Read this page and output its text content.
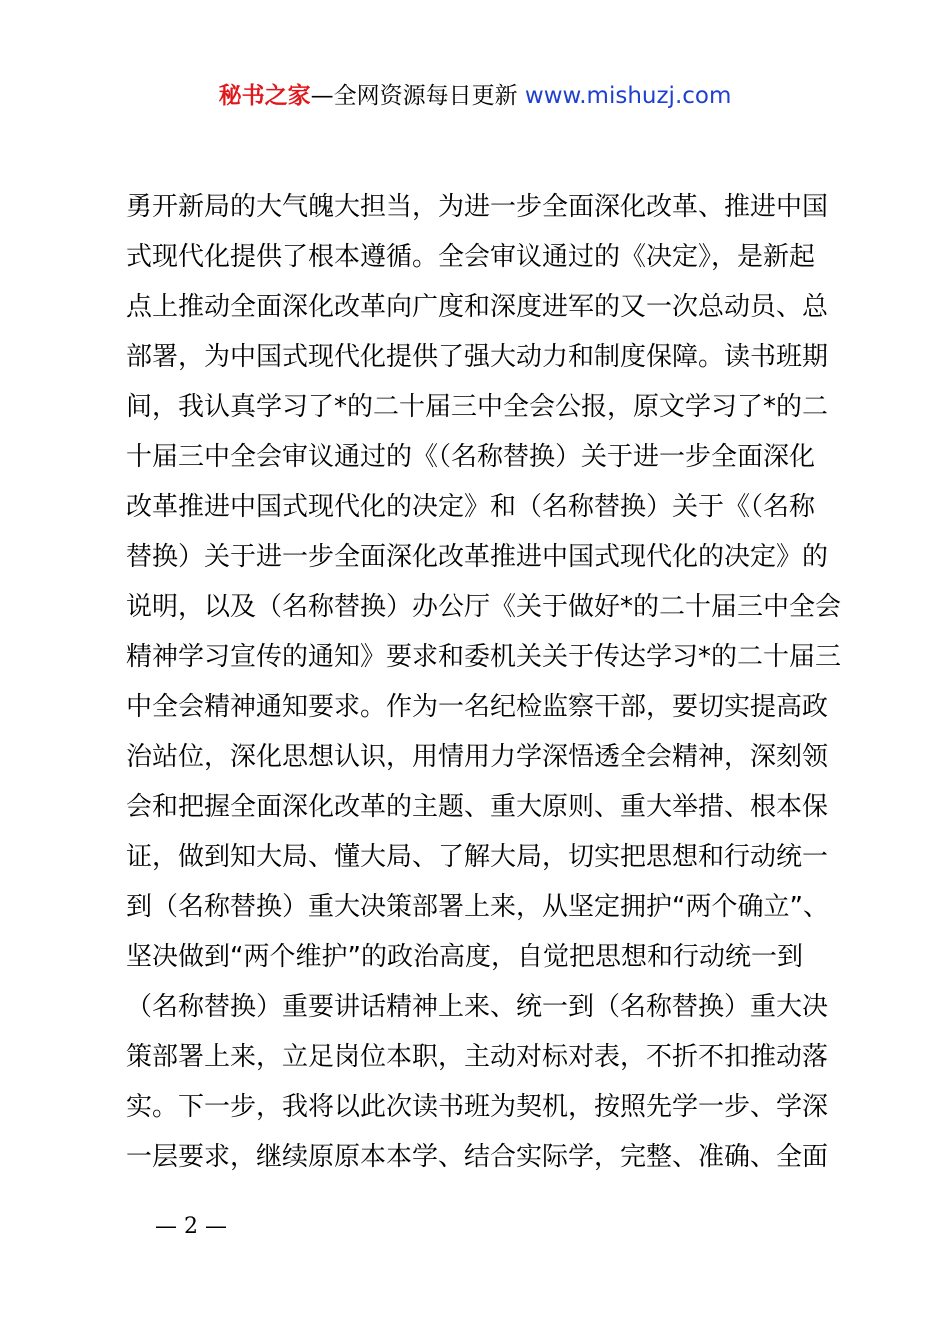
秘书之家—全网资源每日更新 www.mishuzj.com
勇开新局的大气魄大担当，为进一步全面深化改革、推进中国
式现代化提供了根本遵循。全会审议通过的《决定》，是新起
点上推动全面深化改革向广度和深度进军的又一次总动员、总
部署，为中国式现代化提供了强大动力和制度保障。读书班期
间，我认真学习了*的二十届三中全会公报，原文学习了*的二
十届三中全会审议通过的《（名称替换）关于进一步全面深化
改革推进中国式现代化的决定》和（名称替换）关于《（名称
替换）关于进一步全面深化改革推进中国式现代化的决定》的
说明，以及（名称替换）办公厅《关于做好*的二十届三中全会
精神学习宣传的通知》要求和委机关关于传达学习*的二十届三
中全会精神通知要求。作为一名纪检监察干部，要切实提高政
治站位，深化思想认识，用情用力学深悟透全会精神，深刻领
会和把握全面深化改革的主题、重大原则、重大举措、根本保
证，做到知大局、懂大局、了解大局，切实把思想和行动统一
到（名称替换）重大决策部署上来，从坚定拥护“两个确立”、
坚决做到“两个维护”的政治高度，自觉把思想和行动统一到
（名称替换）重要讲话精神上来、统一到（名称替换）重大决
策部署上来，立足岗位本职，主动对标对表，不折不扣推动落
实。下一步，我将以此次读书班为契机，按照先学一步、学深
一层要求，继续原原本本学、结合实际学，完整、准确、全面
— 2 —
